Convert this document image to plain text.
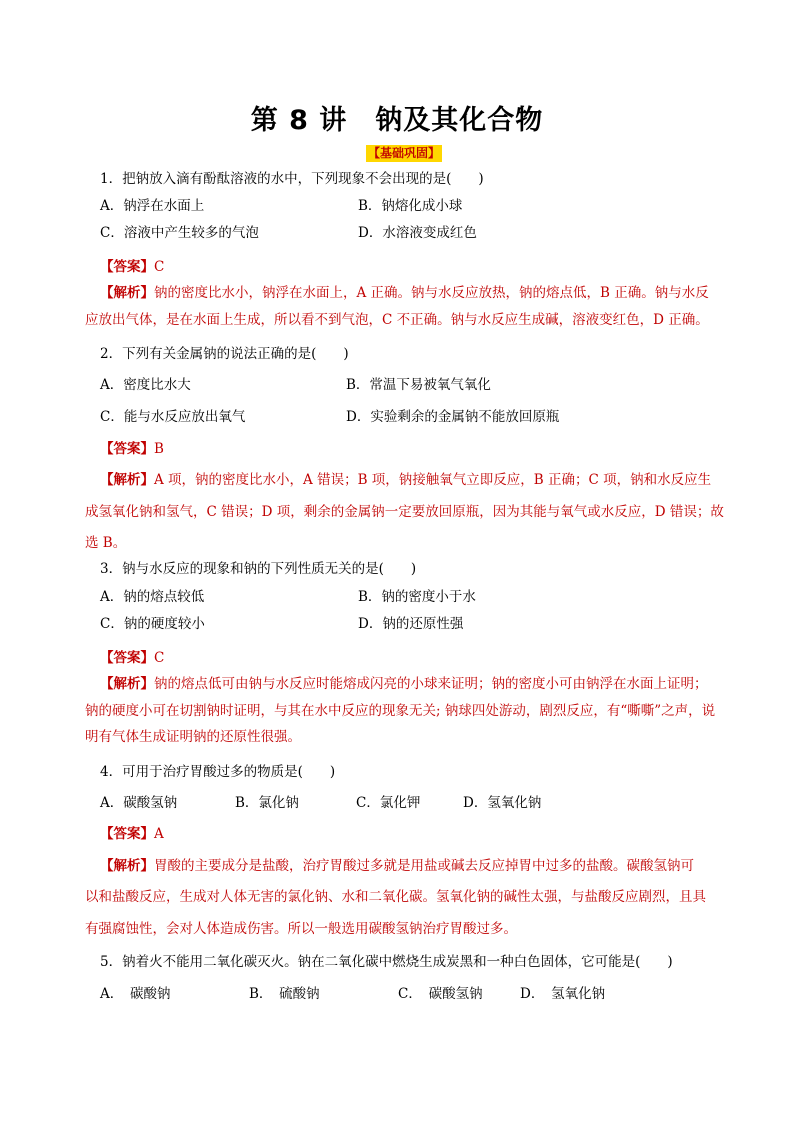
第 8 讲 钠及其化合物
【基础巩固】
1．把钠放入滴有酚酞溶液的水中，下列现象不会出现的是(　　)
A．钠浮在水面上	B．钠熔化成小球
C．溶液中产生较多的气泡	D．水溶液变成红色
【答案】C
【解析】钠的密度比水小，钠浮在水面上，A 正确。钠与水反应放热，钠的熔点低，B 正确。钠与水反
应放出气体，是在水面上生成，所以看不到气泡，C 不正确。钠与水反应生成碱，溶液变红色，D 正确。
2．下列有关金属钠的说法正确的是(　　)
A．密度比水大	B．常温下易被氧气氧化
C．能与水反应放出氧气	D．实验剩余的金属钠不能放回原瓶
【答案】B
【解析】A 项，钠的密度比水小，A 错误；B 项，钠接触氧气立即反应，B 正确；C 项，钠和水反应生
成氢氧化钠和氢气，C 错误；D 项，剩余的金属钠一定要放回原瓶，因为其能与氧气或水反应，D 错误；故
选 B。
3．钠与水反应的现象和钠的下列性质无关的是(　　)
A．钠的熔点较低	B．钠的密度小于水
C．钠的硬度较小	D．钠的还原性强
【答案】C
【解析】钠的熔点低可由钠与水反应时能熔成闪亮的小球来证明；钠的密度小可由钠浮在水面上证明；
钠的硬度小可在切割钠时证明，与其在水中反应的现象无关; 钠球四处游动，剧烈反应，有“嘶嘶”之声，说
明有气体生成证明钠的还原性很强。
4．可用于治疗胃酸过多的物质是(　　)
A．碳酸氢钠	B．氯化钠	C．氯化钾	D．氢氧化钠
【答案】A
【解析】胃酸的主要成分是盐酸，治疗胃酸过多就是用盐或碱去反应掉胃中过多的盐酸。碳酸氢钠可
以和盐酸反应，生成对人体无害的氯化钠、水和二氧化碳。氢氧化钠的碱性太强，与盐酸反应剧烈，且具
有强腐蚀性，会对人体造成伤害。所以一般选用碳酸氢钠治疗胃酸过多。
5．钠着火不能用二氧化碳灭火。钠在二氧化碳中燃烧生成炭黑和一种白色固体，它可能是(　　)
A．　碳酸钠	B．　硫酸钠	C．　碳酸氢钠	D．　氢氧化钠
